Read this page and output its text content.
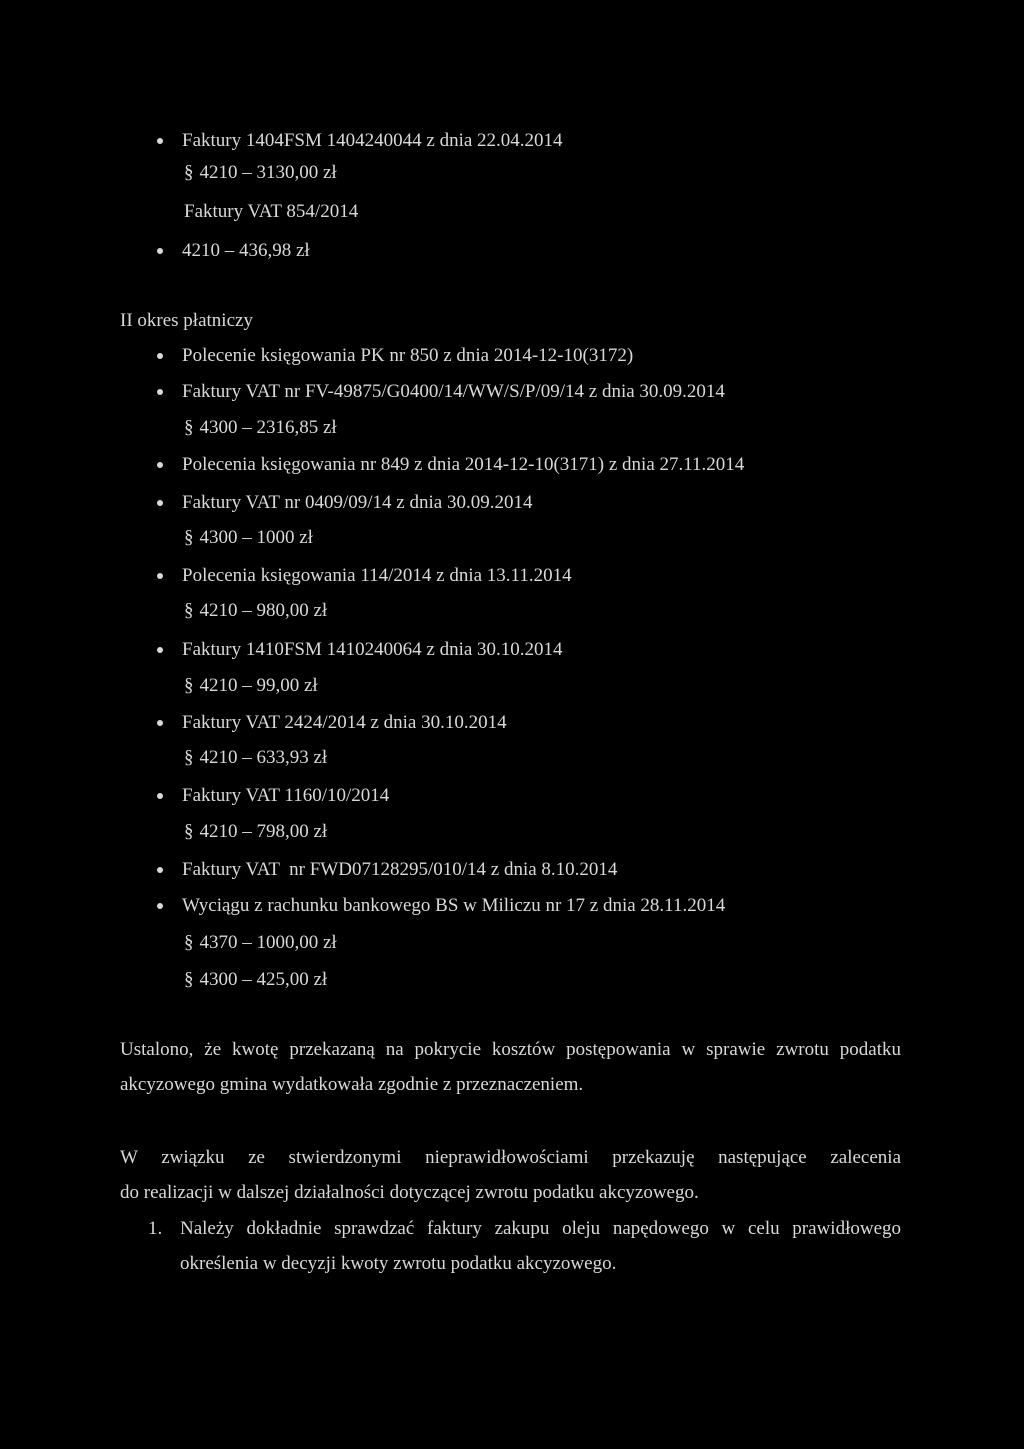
Faktury 1404FSM 1404240044 z dnia 22.04.2014
§ 4210 – 3130,00 zł
Faktury VAT 854/2014
4210 – 436,98 zł
II okres płatniczy
Polecenie księgowania PK nr 850 z dnia 2014-12-10(3172)
Faktury VAT nr FV-49875/G0400/14/WW/S/P/09/14 z dnia 30.09.2014
§ 4300 – 2316,85 zł
Polecenia księgowania nr 849 z dnia 2014-12-10(3171) z dnia 27.11.2014
Faktury VAT nr 0409/09/14 z dnia 30.09.2014
§ 4300 – 1000 zł
Polecenia księgowania 114/2014 z dnia 13.11.2014
§ 4210 – 980,00 zł
Faktury 1410FSM 1410240064 z dnia 30.10.2014
§ 4210 – 99,00 zł
Faktury VAT 2424/2014 z dnia 30.10.2014
§ 4210 – 633,93 zł
Faktury VAT 1160/10/2014
§ 4210 – 798,00 zł
Faktury VAT  nr FWD07128295/010/14 z dnia 8.10.2014
Wyciągu z rachunku bankowego BS w Miliczu nr 17 z dnia 28.11.2014
§ 4370 – 1000,00 zł
§ 4300 – 425,00 zł
Ustalono, że kwotę przekazaną na pokrycie kosztów postępowania w sprawie zwrotu podatku
akcyzowego gmina wydatkowała zgodnie z przeznaczeniem.
W związku ze stwierdzonymi nieprawidłowościami przekazuję następujące zalecenia
do realizacji w dalszej działalności dotyczącej zwrotu podatku akcyzowego.
1. Należy dokładnie sprawdzać faktury zakupu oleju napędowego w celu prawidłowego
określenia w decyzji kwoty zwrotu podatku akcyzowego.
